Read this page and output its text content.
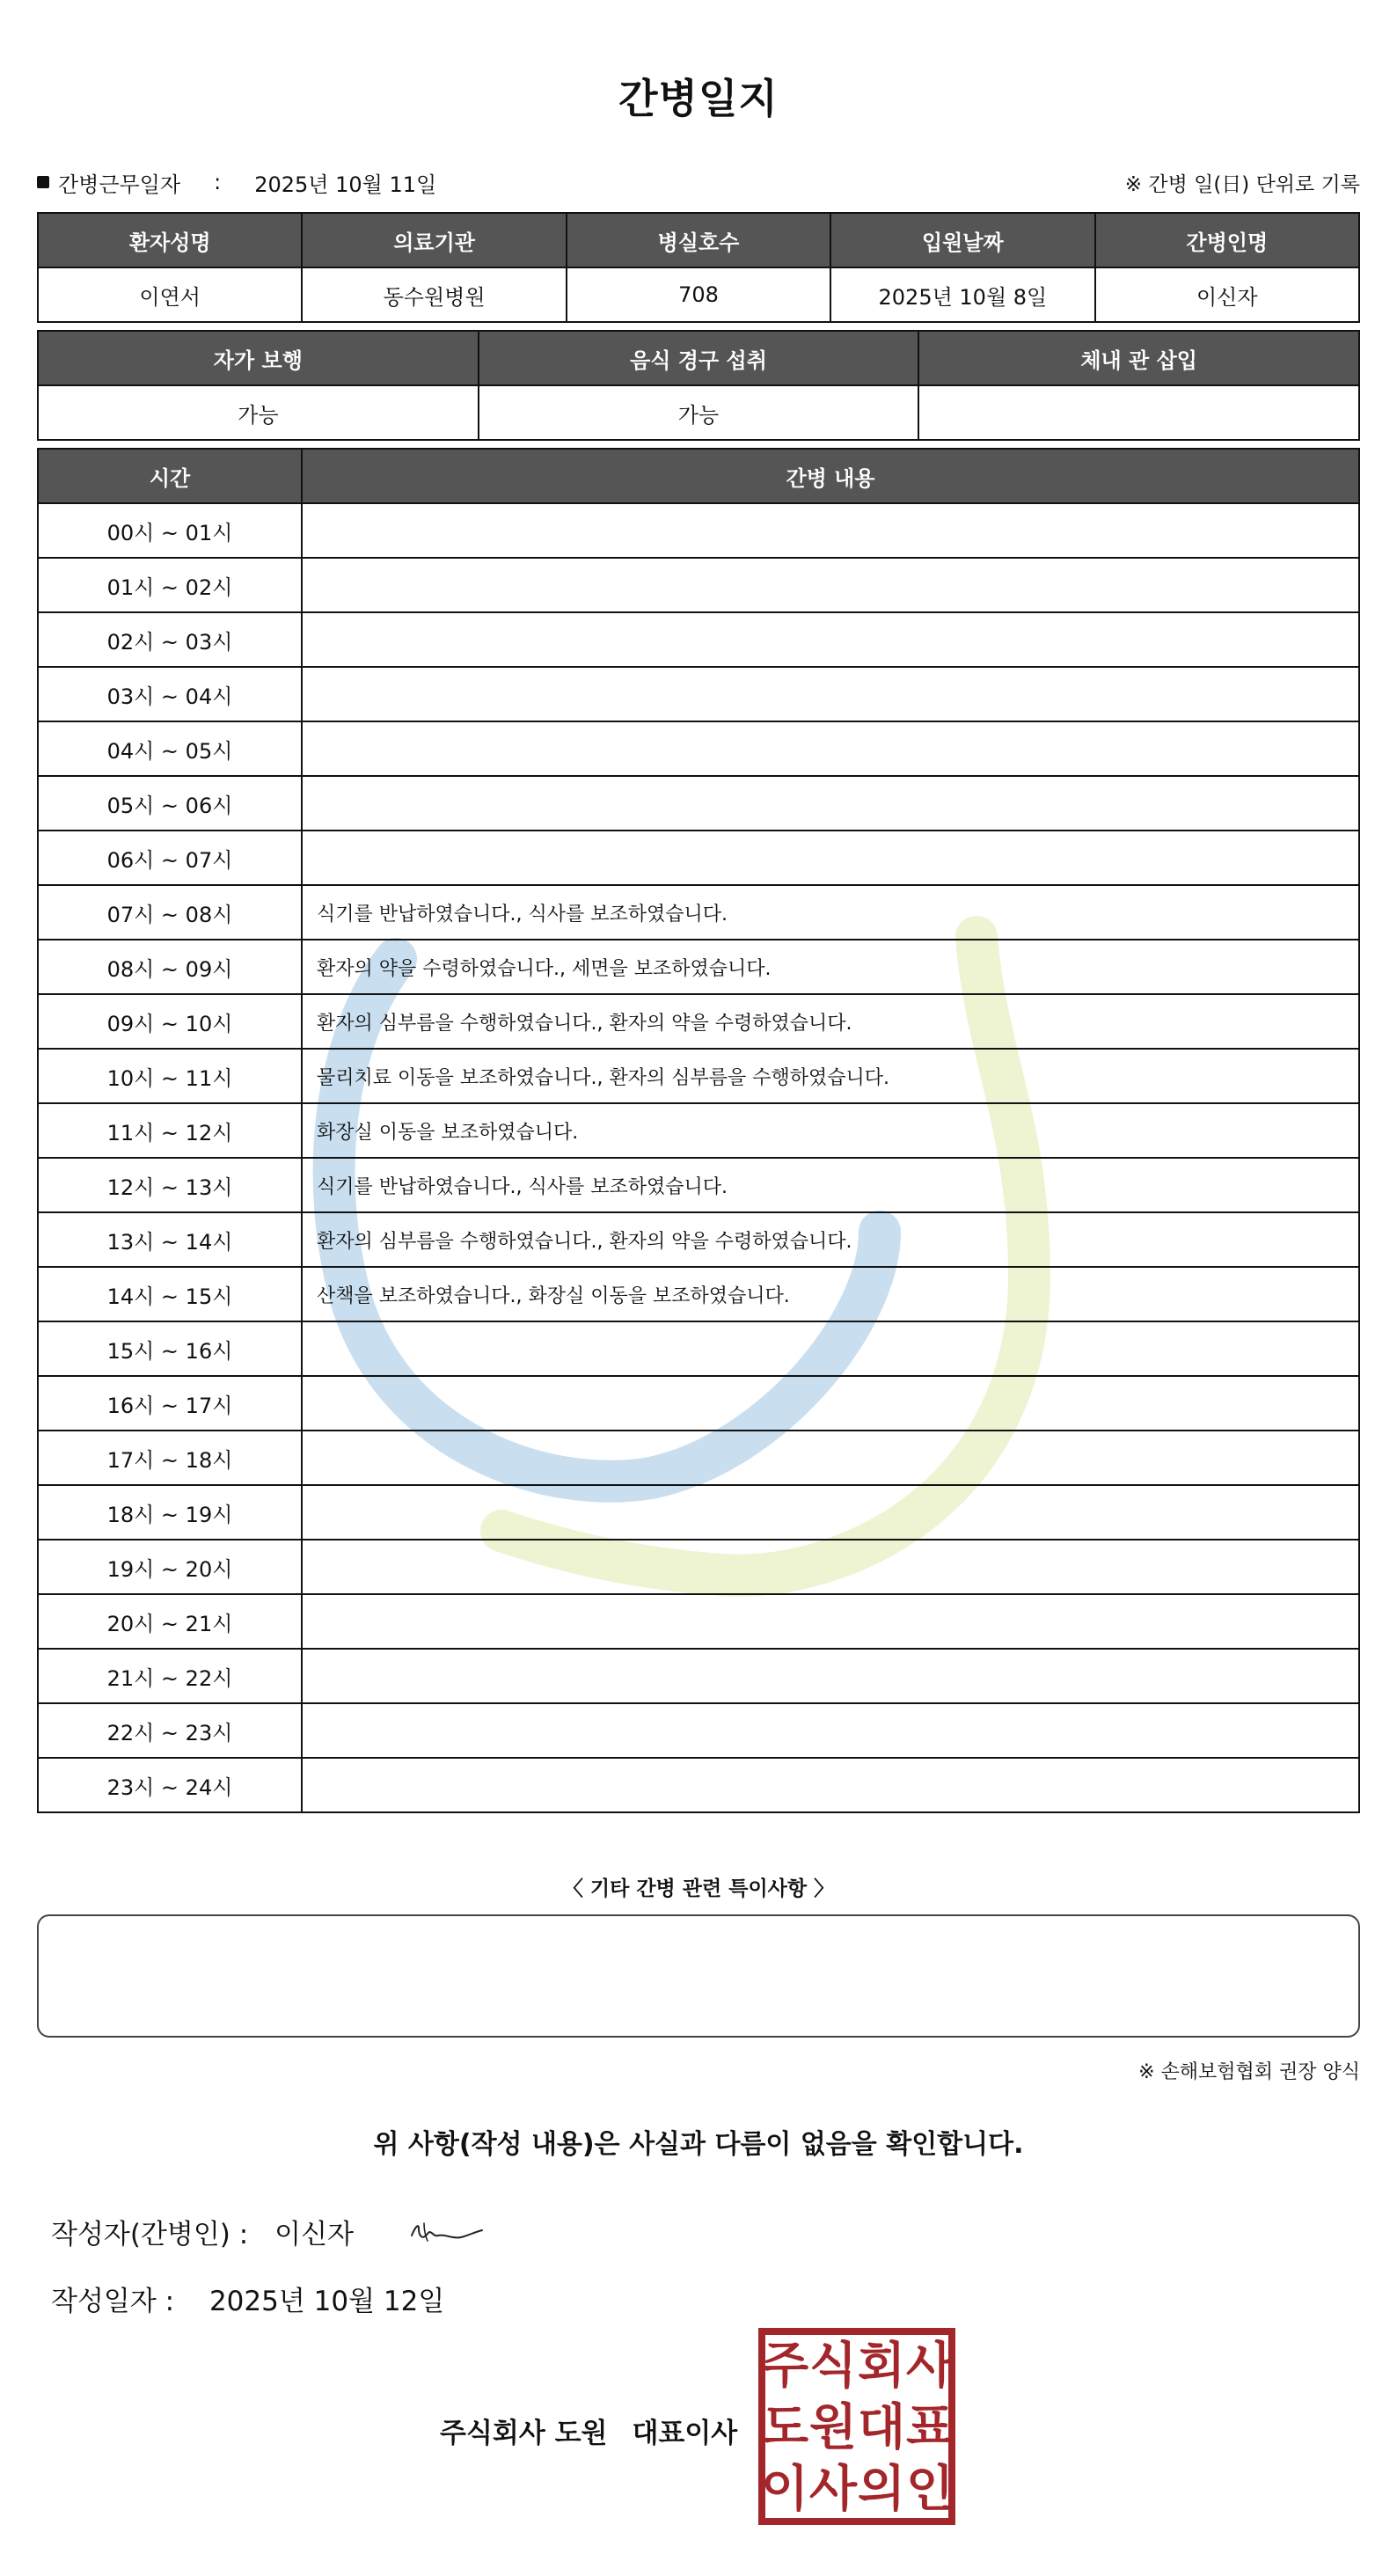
간병일지
간병근무일자 : 2025년 10월 11일	※ 간병 일(日) 단위로 기록
환자성명	의료기관	병실호수	입원날짜	간병인명
이연서	동수원병원	708	2025년 10월 8일	이신자
자가 보행	음식 경구 섭취	체내 관 삽입
가능	가능	
시간	간병 내용
00시 ~ 01시	
01시 ~ 02시	
02시 ~ 03시	
03시 ~ 04시	
04시 ~ 05시	
05시 ~ 06시	
06시 ~ 07시	
07시 ~ 08시	식기를 반납하였습니다., 식사를 보조하였습니다.
08시 ~ 09시	환자의 약을 수령하였습니다., 세면을 보조하였습니다.
09시 ~ 10시	환자의 심부름을 수행하였습니다., 환자의 약을 수령하였습니다.
10시 ~ 11시	물리치료 이동을 보조하였습니다., 환자의 심부름을 수행하였습니다.
11시 ~ 12시	화장실 이동을 보조하였습니다.
12시 ~ 13시	식기를 반납하였습니다., 식사를 보조하였습니다.
13시 ~ 14시	환자의 심부름을 수행하였습니다., 환자의 약을 수령하였습니다.
14시 ~ 15시	산책을 보조하였습니다., 화장실 이동을 보조하였습니다.
15시 ~ 16시	
16시 ~ 17시	
17시 ~ 18시	
18시 ~ 19시	
19시 ~ 20시	
20시 ~ 21시	
21시 ~ 22시	
22시 ~ 23시	
23시 ~ 24시	
〈 기타 간병 관련 특이사항 〉
※ 손해보험협회 권장 양식
위 사항(작성 내용)은 사실과 다름이 없음을 확인합니다.
작성자(간병인) : 이신자
작성일자 : 2025년 10월 12일
주식회사 도원 대표이사
주 식 회 사
도 원 대 표
이 사 의 인
